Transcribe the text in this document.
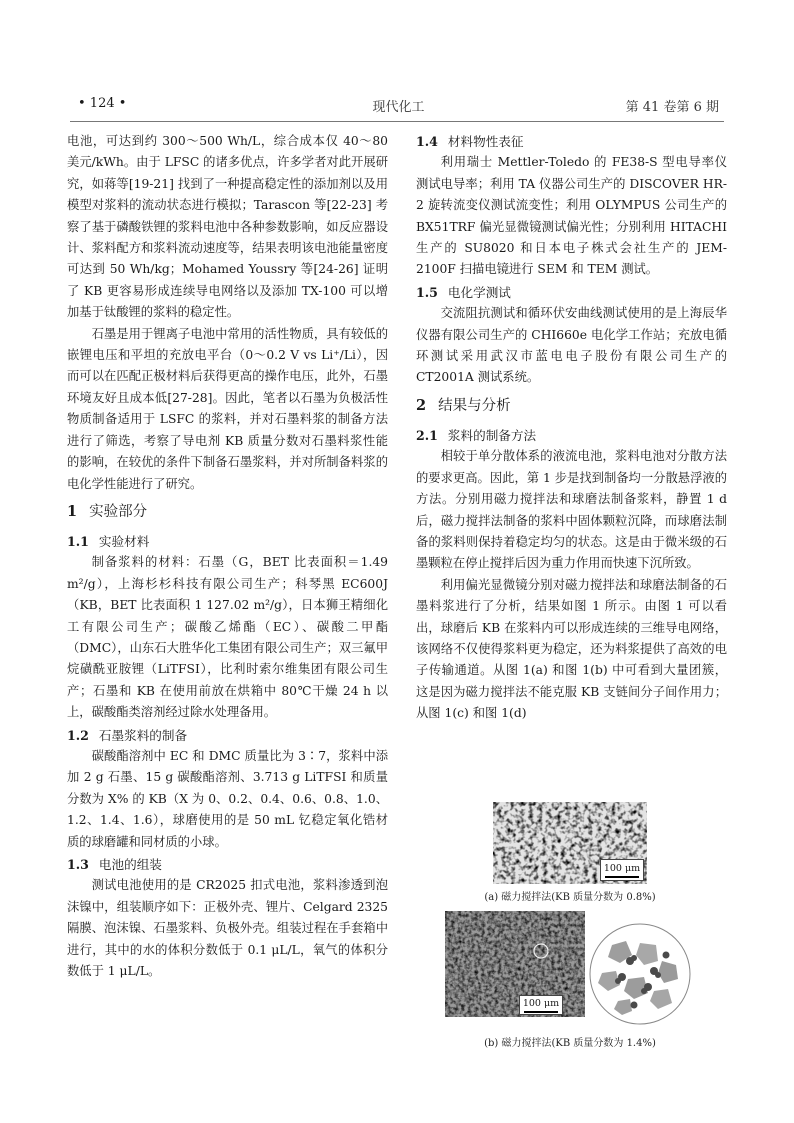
• 124 •	现代化工	第 41 卷第 6 期

电池，可达到约 300～500 Wh/L，综合成本仅 40～80 美元/kWh。由于 LFSC 的诸多优点，许多学者对此开展研究，如蒋等[19-21] 找到了一种提高稳定性的添加剂以及用模型对浆料的流动状态进行模拟；Tarascon 等[22-23] 考察了基于磷酸铁锂的浆料电池中各种参数影响，如反应器设计、浆料配方和浆料流动速度等，结果表明该电池能量密度可达到 50 Wh/kg；Mohamed Youssry 等[24-26] 证明了 KB 更容易形成连续导电网络以及添加 TX-100 可以增加基于钛酸锂的浆料的稳定性。

石墨是用于锂离子电池中常用的活性物质，具有较低的嵌锂电压和平坦的充放电平台（0～0.2 V vs Li⁺/Li），因而可以在匹配正极材料后获得更高的操作电压，此外，石墨环境友好且成本低[27-28]。因此，笔者以石墨为负极活性物质制备适用于 LSFC 的浆料，并对石墨料浆的制备方法进行了筛选，考察了导电剂 KB 质量分数对石墨料浆性能的影响，在较优的条件下制备石墨浆料，并对所制备料浆的电化学性能进行了研究。

1 实验部分
1.1 实验材料

制备浆料的材料：石墨（G，BET 比表面积＝1.49 m²/g），上海杉杉科技有限公司生产；科琴黑 EC600J（KB，BET 比表面积 1 127.02 m²/g），日本狮王精细化工有限公司生产；碳酸乙烯酯（EC）、碳酸二甲酯（DMC），山东石大胜华化工集团有限公司生产；双三氟甲烷磺酰亚胺锂（LiTFSI），比利时索尔维集团有限公司生产；石墨和 KB 在使用前放在烘箱中 80℃干燥 24 h 以上，碳酸酯类溶剂经过除水处理备用。

1.2 石墨浆料的制备

碳酸酯溶剂中 EC 和 DMC 质量比为 3∶7，浆料中添加 2 g 石墨、15 g 碳酸酯溶剂、3.713 g LiTFSI 和质量分数为 X% 的 KB（X 为 0、0.2、0.4、0.6、0.8、1.0、1.2、1.4、1.6），球磨使用的是 50 mL 钇稳定氧化锆材质的球磨罐和同材质的小球。

1.3 电池的组装

测试电池使用的是 CR2025 扣式电池，浆料渗透到泡沫镍中，组装顺序如下：正极外壳、锂片、Celgard 2325 隔膜、泡沫镍、石墨浆料、负极外壳。组装过程在手套箱中进行，其中的水的体积分数低于 0.1 μL/L，氧气的体积分数低于 1 μL/L。

1.4 材料物性表征

利用瑞士 Mettler-Toledo 的 FE38-S 型电导率仪测试电导率；利用 TA 仪器公司生产的 DISCOVER HR-2 旋转流变仪测试流变性；利用 OLYMPUS 公司生产的 BX51TRF 偏光显微镜测试偏光性；分别利用 HITACHI 生产的 SU8020 和日本电子株式会社生产的 JEM-2100F 扫描电镜进行 SEM 和 TEM 测试。

1.5 电化学测试

交流阻抗测试和循环伏安曲线测试使用的是上海辰华仪器有限公司生产的 CHI660e 电化学工作站；充放电循环测试采用武汉市蓝电电子股份有限公司生产的 CT2001A 测试系统。

2 结果与分析
2.1 浆料的制备方法

相较于单分散体系的液流电池，浆料电池对分散方法的要求更高。因此，第 1 步是找到制备均一分散悬浮液的方法。分别用磁力搅拌法和球磨法制备浆料，静置 1 d 后，磁力搅拌法制备的浆料中固体颗粒沉降，而球磨法制备的浆料则保持着稳定均匀的状态。这是由于微米级的石墨颗粒在停止搅拌后因为重力作用而快速下沉所致。

利用偏光显微镜分别对磁力搅拌法和球磨法制备的石墨料浆进行了分析，结果如图 1 所示。由图 1 可以看出，球磨后 KB 在浆料内可以形成连续的三维导电网络，该网络不仅使得浆料更为稳定，还为料浆提供了高效的电子传输通道。从图 1(a) 和图 1(b) 中可看到大量团簇，这是因为磁力搅拌法不能克服 KB 支链间分子间作用力；从图 1(c) 和图 1(d)

100 μm
(a) 磁力搅拌法(KB 质量分数为 0.8%)
100 μm
(b) 磁力搅拌法(KB 质量分数为 1.4%)
